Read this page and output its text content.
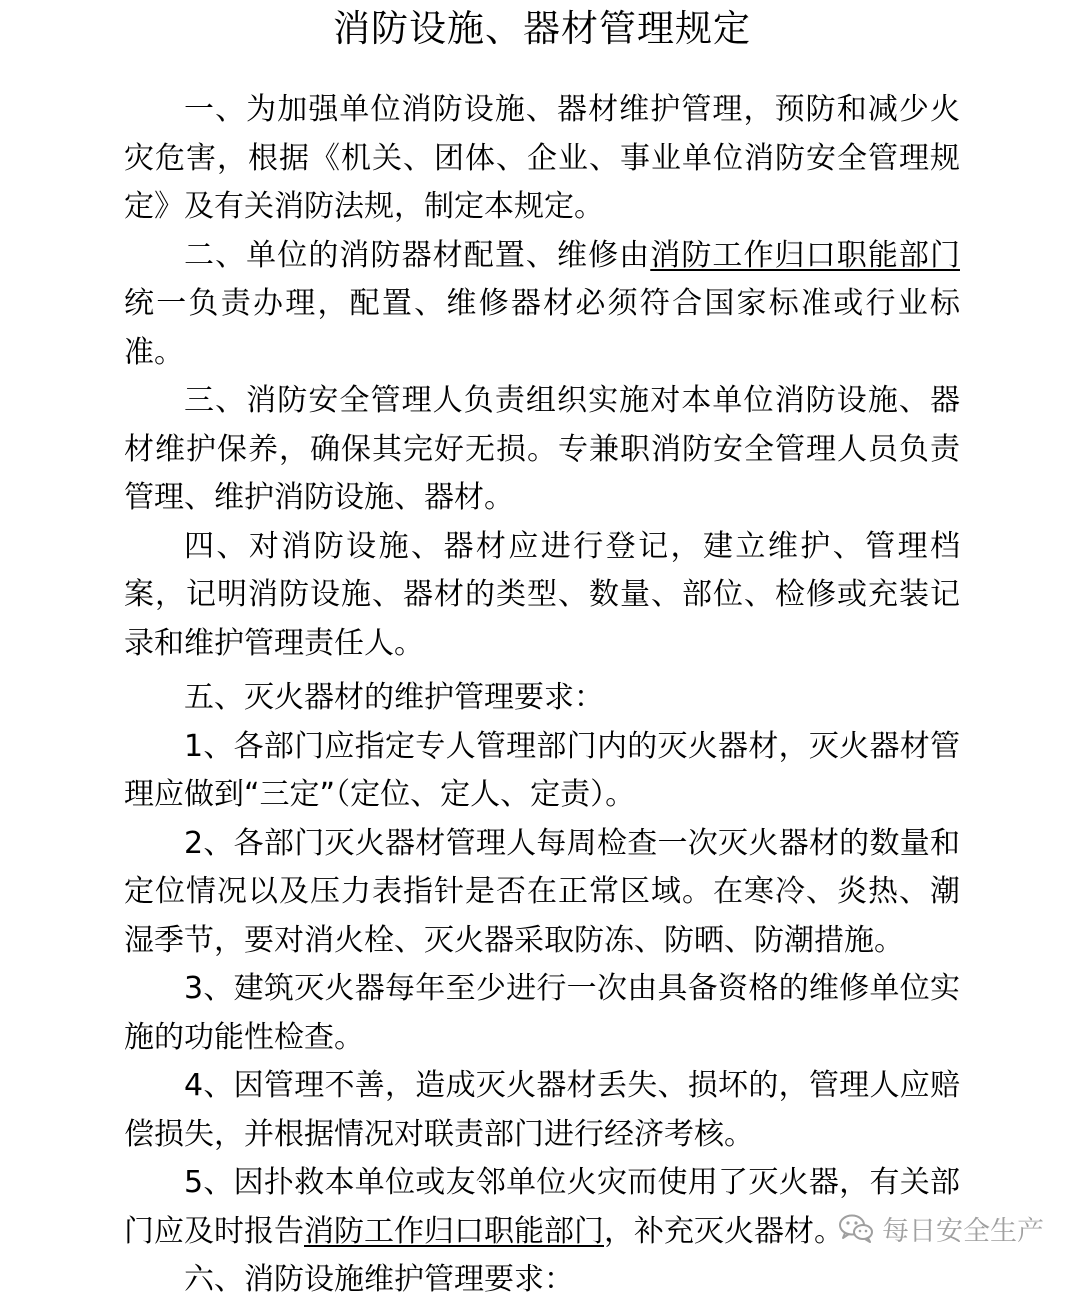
消防设施、器材管理规定

一、为加强单位消防设施、器材维护管理，预防和减少火灾危害，根据《机关、团体、企业、事业单位消防安全管理规定》及有关消防法规，制定本规定。

二、单位的消防器材配置、维修由消防工作归口职能部门统一负责办理，配置、维修器材必须符合国家标准或行业标准。

三、消防安全管理人负责组织实施对本单位消防设施、器材维护保养，确保其完好无损。专兼职消防安全管理人员负责管理、维护消防设施、器材。

四、对消防设施、器材应进行登记，建立维护、管理档案，记明消防设施、器材的类型、数量、部位、检修或充装记录和维护管理责任人。

五、灭火器材的维护管理要求：

1、各部门应指定专人管理部门内的灭火器材，灭火器材管理应做到“三定”（定位、定人、定责）。

2、各部门灭火器材管理人每周检查一次灭火器材的数量和定位情况以及压力表指针是否在正常区域。在寒冷、炎热、潮湿季节，要对消火栓、灭火器采取防冻、防晒、防潮措施。

3、建筑灭火器每年至少进行一次由具备资格的维修单位实施的功能性检查。

4、因管理不善，造成灭火器材丢失、损坏的，管理人应赔偿损失，并根据情况对联责部门进行经济考核。

5、因扑救本单位或友邻单位火灾而使用了灭火器，有关部门应及时报告消防工作归口职能部门，补充灭火器材。

六、消防设施维护管理要求：

每日安全生产
